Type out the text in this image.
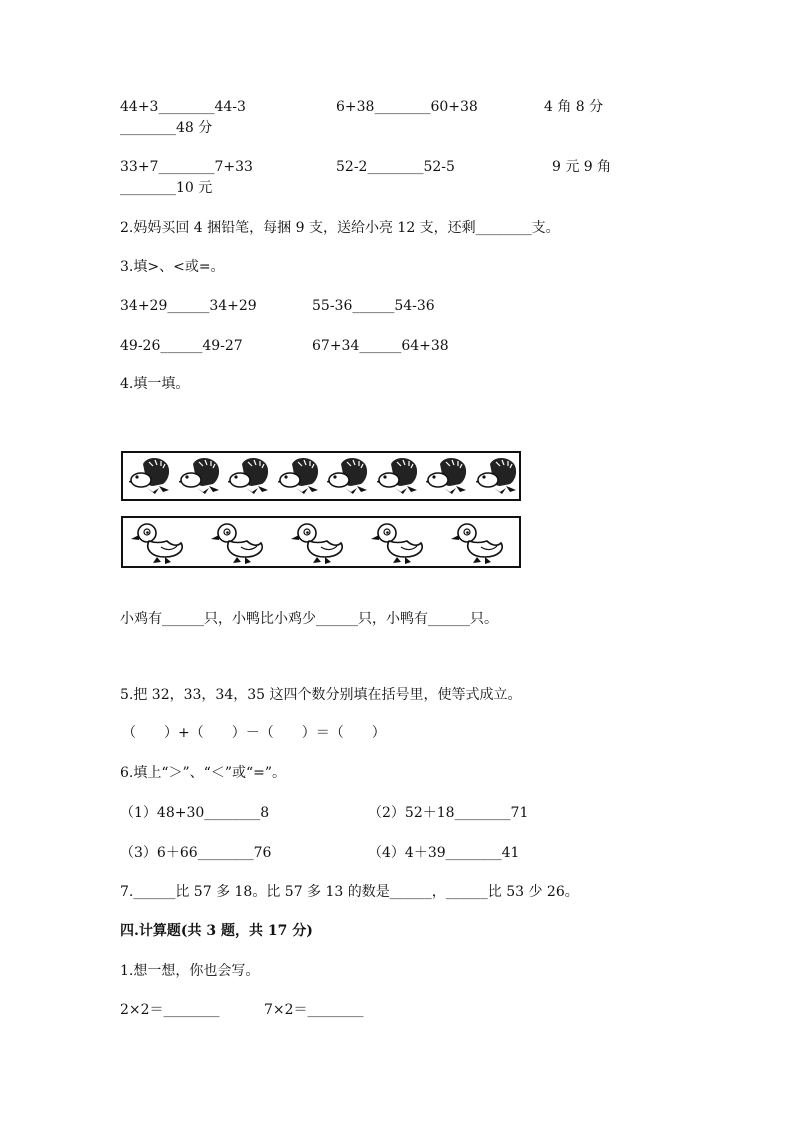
44+3________44-3	6+38________60+38	4 角 8 分
________48 分
33+7________7+33	52-2________52-5	9 元 9 角
________10 元
2.妈妈买回 4 捆铅笔，每捆 9 支，送给小亮 12 支，还剩________支。
3.填>、<或=。
34+29______34+29	55-36______54-36
49-26______49-27	67+34______64+38
4.填一填。
小鸡有______只，小鸭比小鸡少______只，小鸭有______只。
5.把 32，33，34，35 这四个数分别填在括号里，使等式成立。
（　　）+（　　）－（　　）＝（　　）
6.填上“＞”、“＜”或“=”。
（1）48+30________8	（2）52＋18________71
（3）6＋66________76	（4）4＋39________41
7.______比 57 多 18。比 57 多 13 的数是______，______比 53 少 26。
四.计算题(共 3 题，共 17 分)
1.想一想，你也会写。
2×2＝________	7×2＝________
